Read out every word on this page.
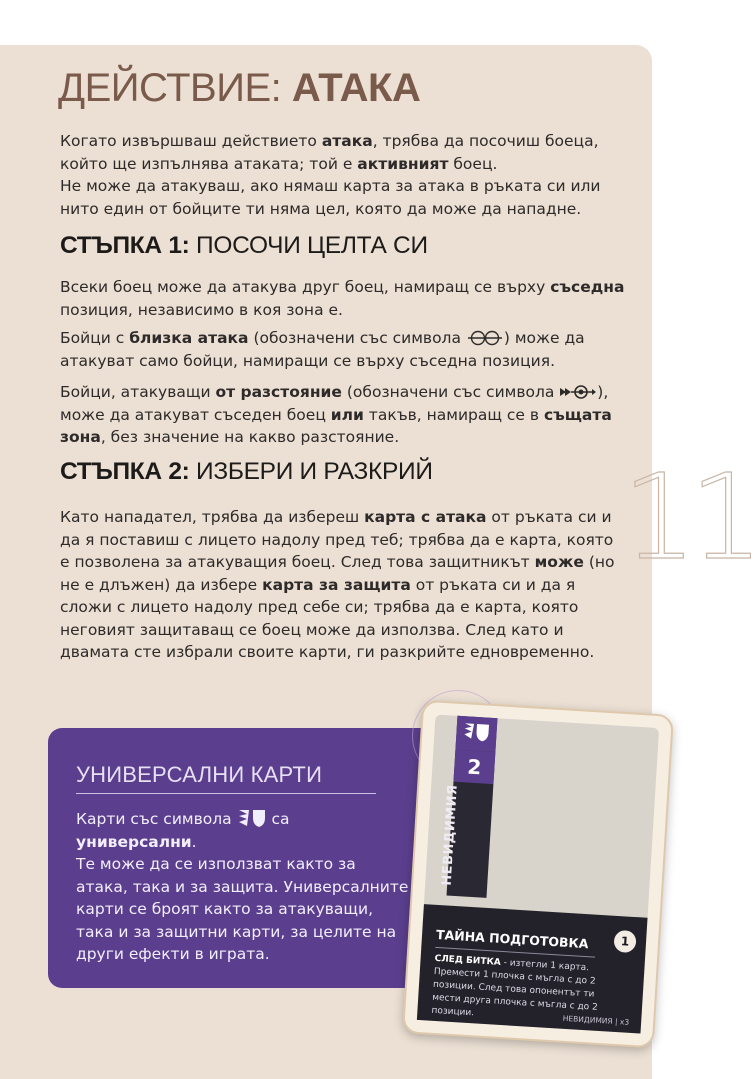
11
ДЕЙСТВИЕ: АТАКА
Когато извършваш действието атака, трябва да посочиш боеца, който ще изпълнява атаката; той е активният боец.
Не може да атакуваш, ако нямаш карта за атака в ръката си или нито един от бойците ти няма цел, която да може да нападне.
СТЪПКА 1: ПОСОЧИ ЦЕЛТА СИ
Всеки боец може да атакува друг боец, намиращ се върху съседна позиция, независимо в коя зона е.
Бойци с близка атака (обозначени със символа ) може да атакуват само бойци, намиращи се върху съседна позиция.
Бойци, атакуващи от разстояние (обозначени със символа ), може да атакуват съседен боец или такъв, намиращ се в същата зона, без значение на какво разстояние.
СТЪПКА 2: ИЗБЕРИ И РАЗКРИЙ
Като нападател, трябва да избереш карта с атака от ръката си и да я поставиш с лицето надолу пред теб; трябва да е карта, която е позволена за атакуващия боец. След това защитникът може (но не е длъжен) да избере карта за защита от ръката си и да я сложи с лицето надолу пред себе си; трябва да е карта, която неговият защитаващ се боец може да използва. След като и двамата сте избрали своите карти, ги разкрийте едновременно.
УНИВЕРСАЛНИ КАРТИ
Карти със символа  са
универсални.
Те може да се използват както за атака, така и за защита. Универсалните карти се броят както за атакуващи, така и за защитни карти, за целите на други ефекти в играта.
2
НЕВИДИМИЯ
ТАЙНА ПОДГОТОВКА	1
СЛЕД БИТКА - изтегли 1 карта. Премести 1 плочка с мъгла с до 2 позиции. След това опонентът ти мести друга плочка с мъгла с до 2 позиции.
НЕВИДИМИЯ | х3
